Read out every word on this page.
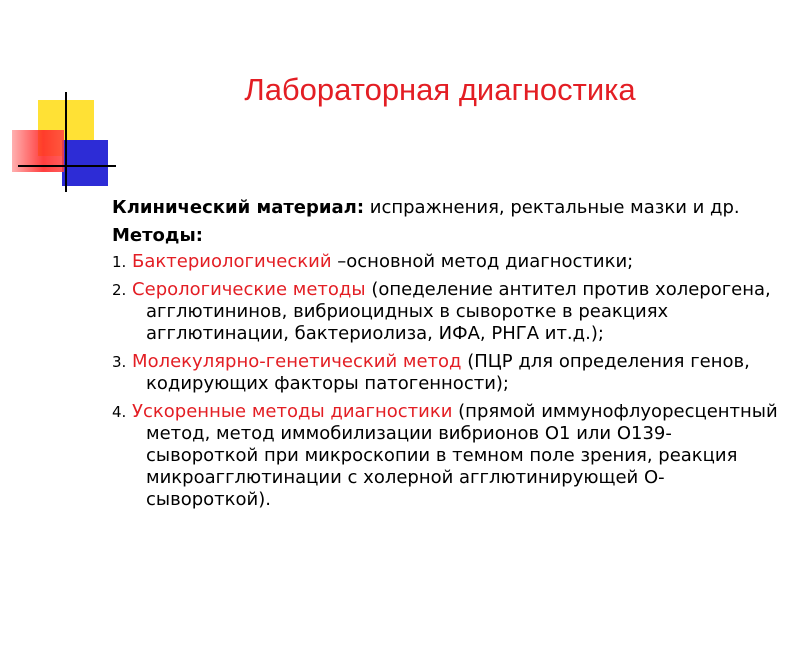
Лабораторная диагностика
Клинический материал: испражнения, ректальные мазки и др.
Методы:
1. Бактериологический –основной метод диагностики;
2. Серологические методы (опеделение антител против холерогена, агглютининов, вибриоцидных в сыворотке в реакциях агглютинации, бактериолиза, ИФА, РНГА ит.д.);
3. Молекулярно-генетический метод (ПЦР для определения генов, кодирующих факторы патогенности);
4. Ускоренные методы диагностики (прямой иммунофлуоресцентный метод, метод иммобилизации вибрионов О1 или О139-сывороткой при микроскопии в темном поле зрения, реакция микроагглютинации с холерной агглютинирующей О-сывороткой).
